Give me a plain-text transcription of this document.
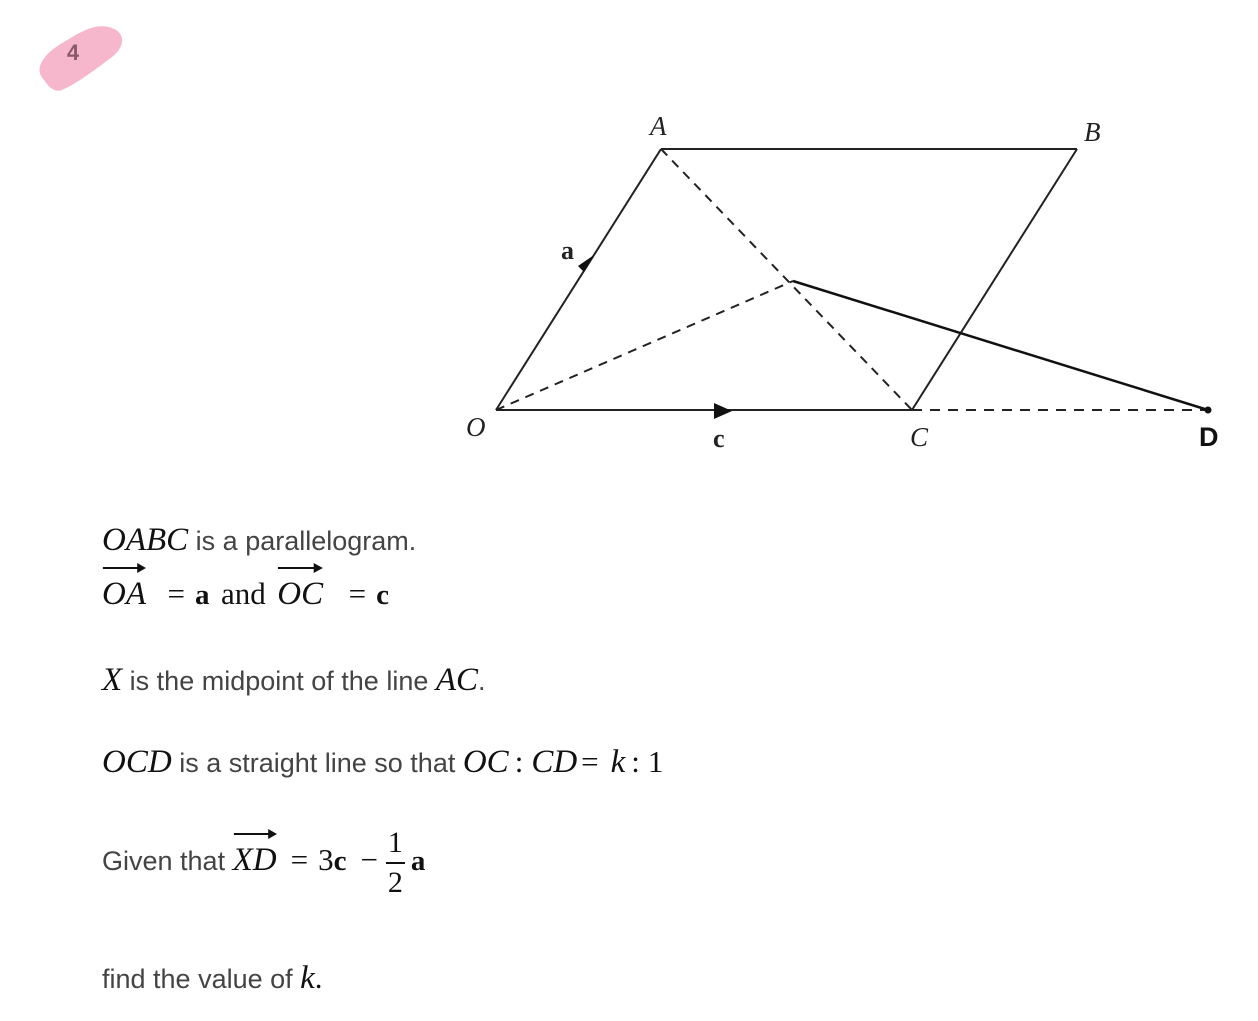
4
A	B
O	C	D
a
c
OABC is a parallelogram.
OA = a and OC = c
X is the midpoint of the line AC.
OCD is a straight line so that OC : CD = k : 1
Given that
XD = $3c - \frac{1}{2}$ a
find the value of k.
